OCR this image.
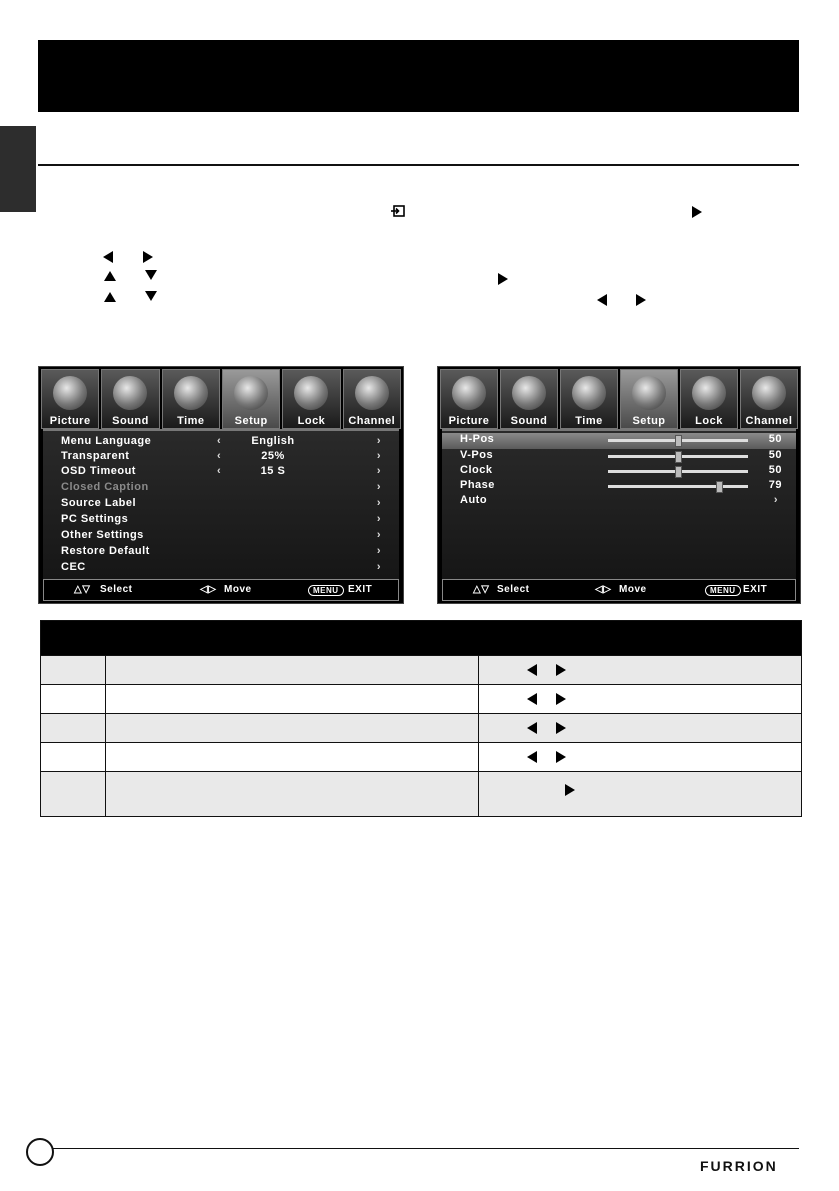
Picture	Sound	Time	Setup	Lock	Channel
Menu Language	‹	English	›
Transparent	‹	25%	›
OSD Timeout	‹	15 S	›
Closed Caption	›
Source Label	›
PC Settings	›
Other Settings	›
Restore Default	›
CEC	›
△▽ Select	◁▷ Move	MENU EXIT
Picture	Sound	Time	Setup	Lock	Channel
H-Pos	50
V-Pos	50
Clock	50
Phase	79
Auto	›
△▽ Select	◁▷ Move	MENU EXIT
FURRION
